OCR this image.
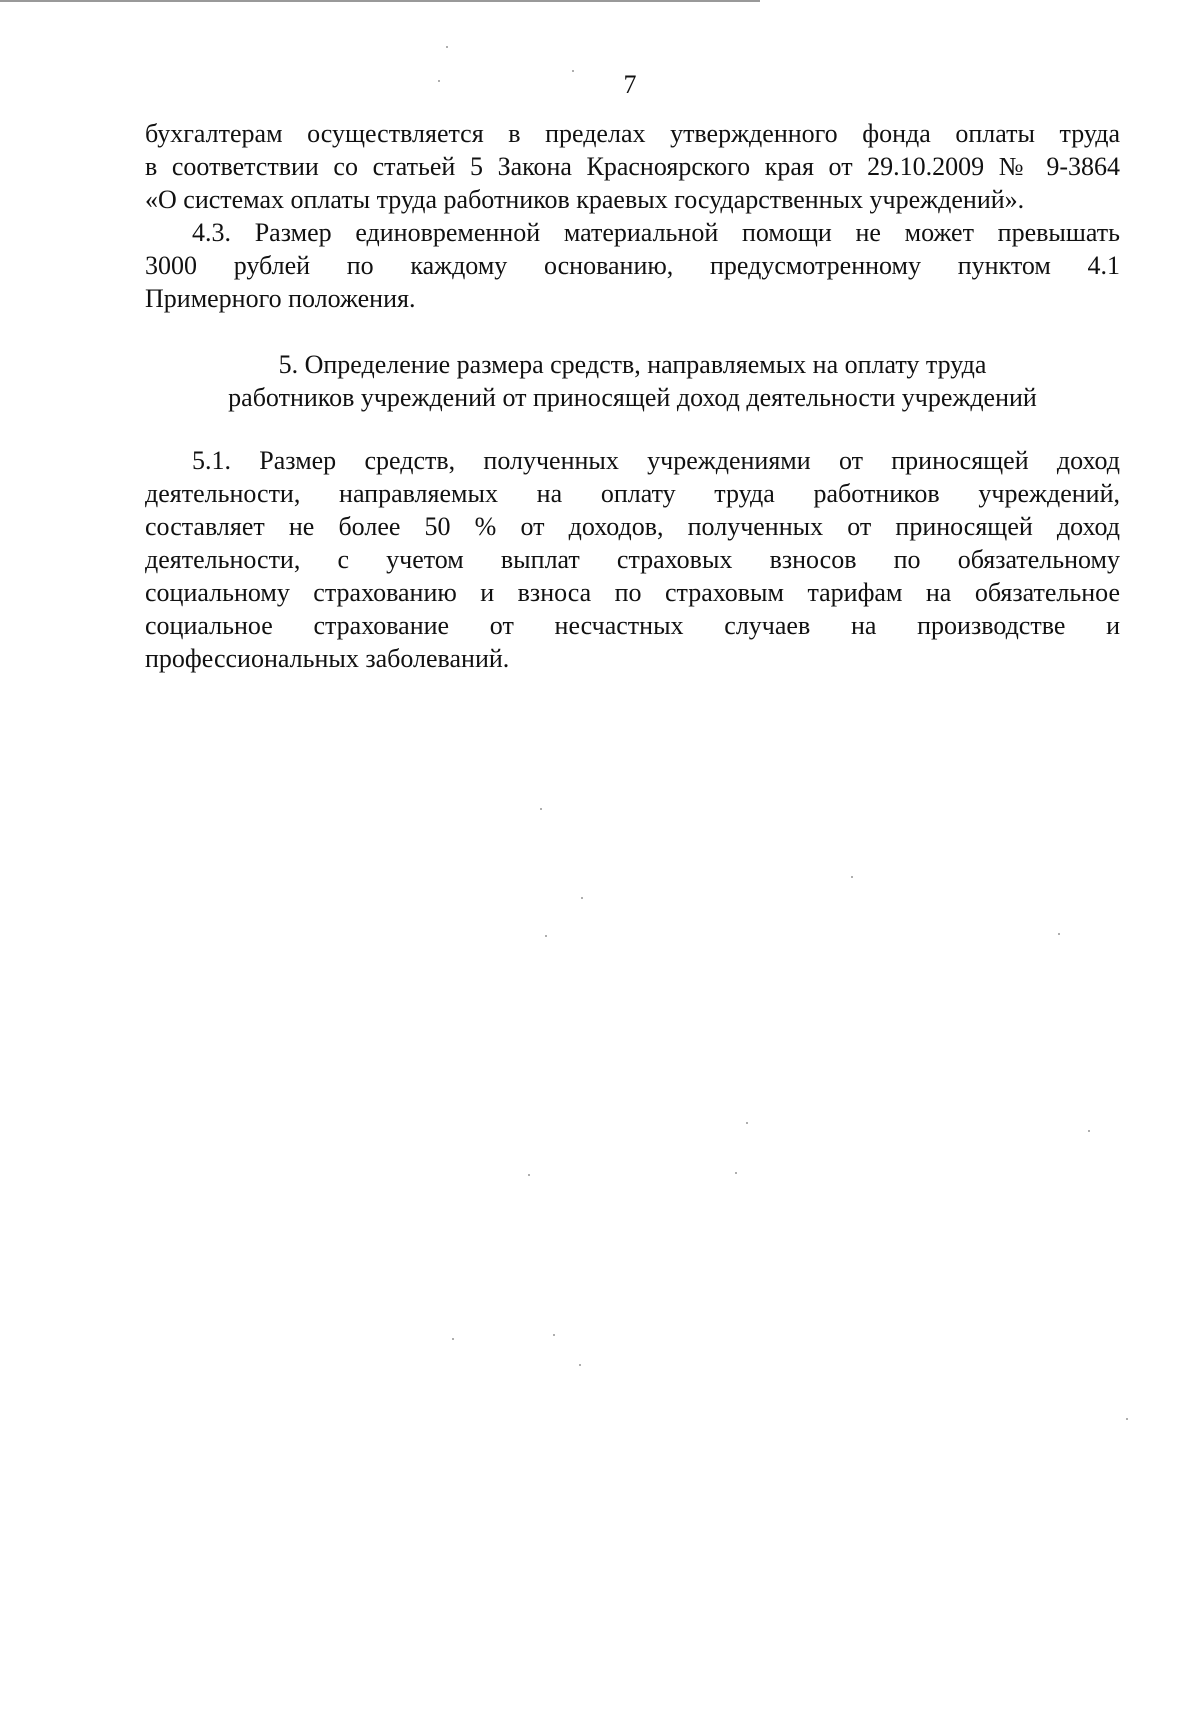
7

бухгалтерам осуществляется в пределах утвержденного фонда оплаты труда
в соответствии со статьей 5 Закона Красноярского края от 29.10.2009 № 9-3864
«О системах оплаты труда работников краевых государственных учреждений».

4.3. Размер единовременной материальной помощи не может превышать
3000 рублей по каждому основанию, предусмотренному пунктом 4.1
Примерного положения.

5. Определение размера средств, направляемых на оплату труда
работников учреждений от приносящей доход деятельности учреждений

5.1. Размер средств, полученных учреждениями от приносящей доход
деятельности, направляемых на оплату труда работников учреждений,
составляет не более 50 % от доходов, полученных от приносящей доход
деятельности, с учетом выплат страховых взносов по обязательному
социальному страхованию и взноса по страховым тарифам на обязательное
социальное страхование от несчастных случаев на производстве и
профессиональных заболеваний.
